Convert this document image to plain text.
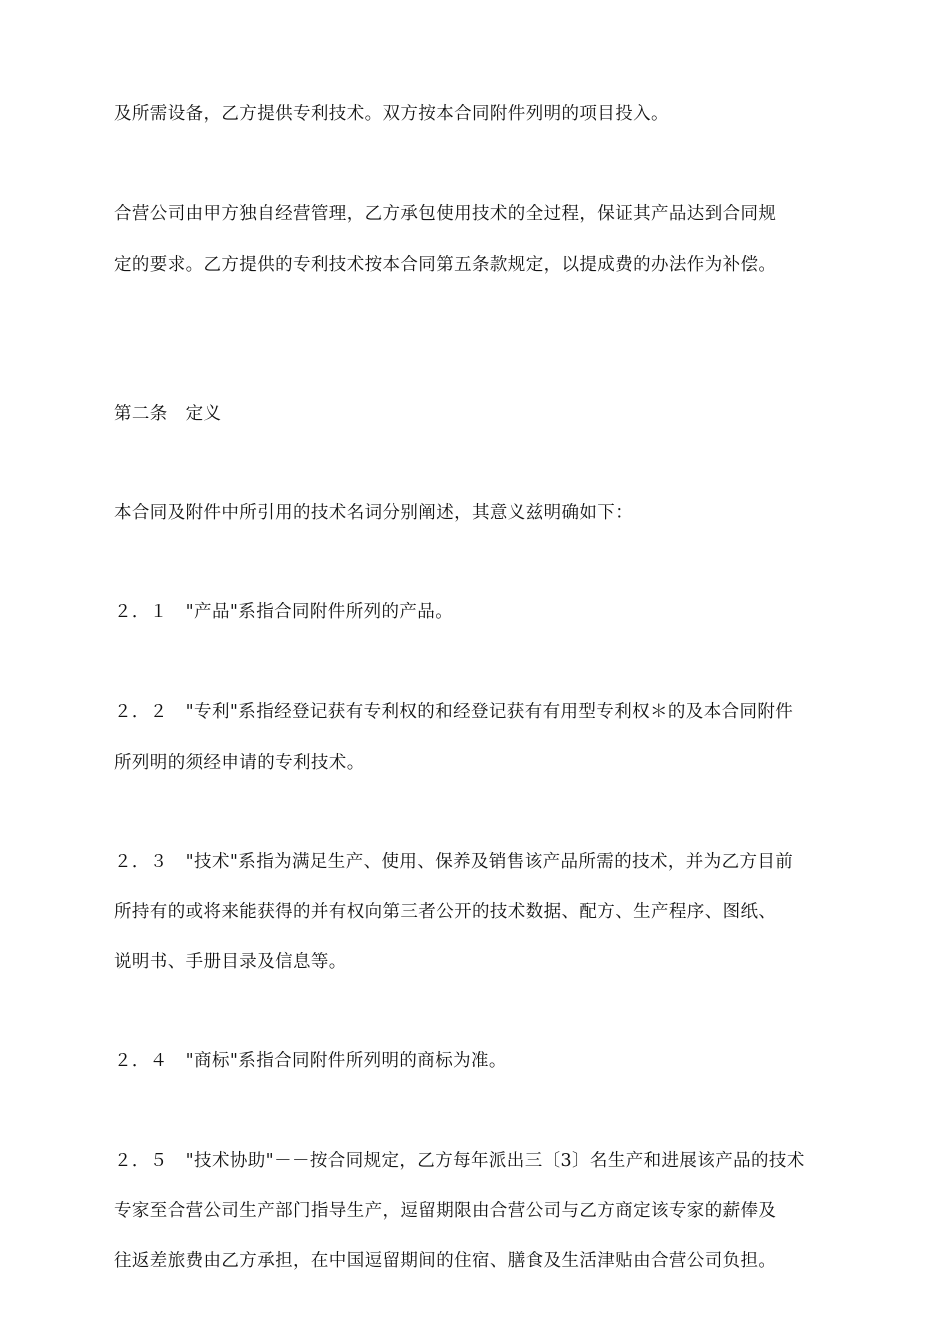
及所需设备，乙方提供专利技术。双方按本合同附件列明的项目投入。
合营公司由甲方独自经营管理，乙方承包使用技术的全过程，保证其产品达到合同规
定的要求。乙方提供的专利技术按本合同第五条款规定，以提成费的办法作为补偿。
第二条　定义
本合同及附件中所引用的技术名词分别阐述，其意义兹明确如下：
２．１　"产品"系指合同附件所列的产品。
２．２　"专利"系指经登记获有专利权的和经登记获有有用型专利权＊的及本合同附件
所列明的须经申请的专利技术。
２．３　"技术"系指为满足生产、使用、保养及销售该产品所需的技术，并为乙方目前
所持有的或将来能获得的并有权向第三者公开的技术数据、配方、生产程序、图纸、
说明书、手册目录及信息等。
２．４　"商标"系指合同附件所列明的商标为准。
２．５　"技术协助"－－按合同规定，乙方每年派出三〔3〕名生产和进展该产品的技术
专家至合营公司生产部门指导生产，逗留期限由合营公司与乙方商定该专家的薪俸及
往返差旅费由乙方承担，在中国逗留期间的住宿、膳食及生活津贴由合营公司负担。
